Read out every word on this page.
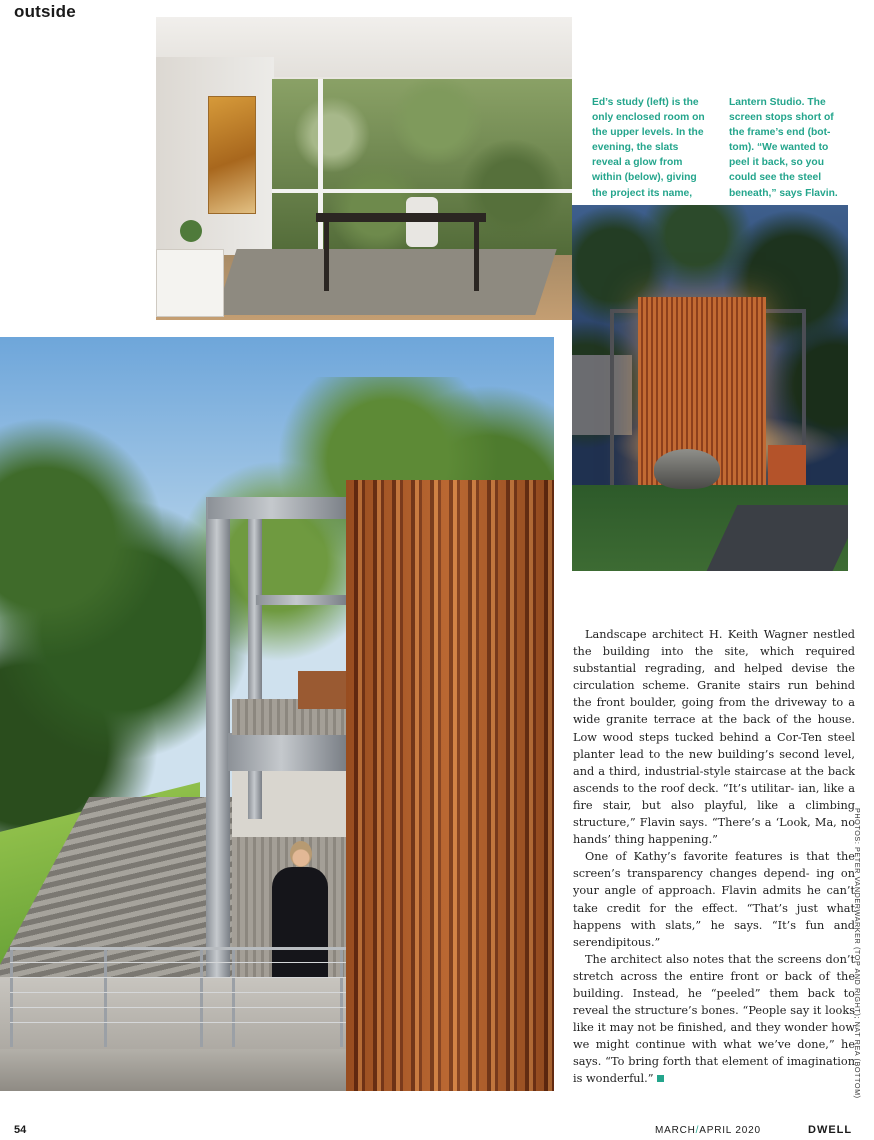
outside
Ed’s study (left) is the only enclosed room on the upper levels. In the evening, the slats reveal a glow from within (below), giving the project its name,
Lantern Studio. The screen stops short of the frame’s end (bot- tom). “We wanted to peel it back, so you could see the steel beneath,” says Flavin.

Landscape architect H. Keith Wagner nestled the building into the site, which required substantial regrading, and helped devise the circulation scheme. Granite stairs run behind the front boulder, going from the driveway to a wide granite terrace at the back of the house. Low wood steps tucked behind a Cor-Ten steel planter lead to the new building’s second level, and a third, industrial-style staircase at the back ascends to the roof deck. “It’s utilitar- ian, like a fire stair, but also playful, like a climbing structure,” Flavin says. “There’s a ‘Look, Ma, no hands’ thing happening.”

One of Kathy’s favorite features is that the screen’s transparency changes depend- ing on your angle of approach. Flavin admits he can’t take credit for the effect. “That’s just what happens with slats,” he says. “It’s fun and serendipitous.”

The architect also notes that the screens don’t stretch across the entire front or back of the building. Instead, he “peeled” them back to reveal the structure’s bones. “People say it looks like it may not be finished, and they wonder how we might continue with what we’ve done,” he says. “To bring forth that element of imagination is wonderful.”	PHOTOS: PETER VANDERWARKER (TOP AND RIGHT); NAT REA (BOTTOM)
54	MARCH/APRIL 2020	DWELL
